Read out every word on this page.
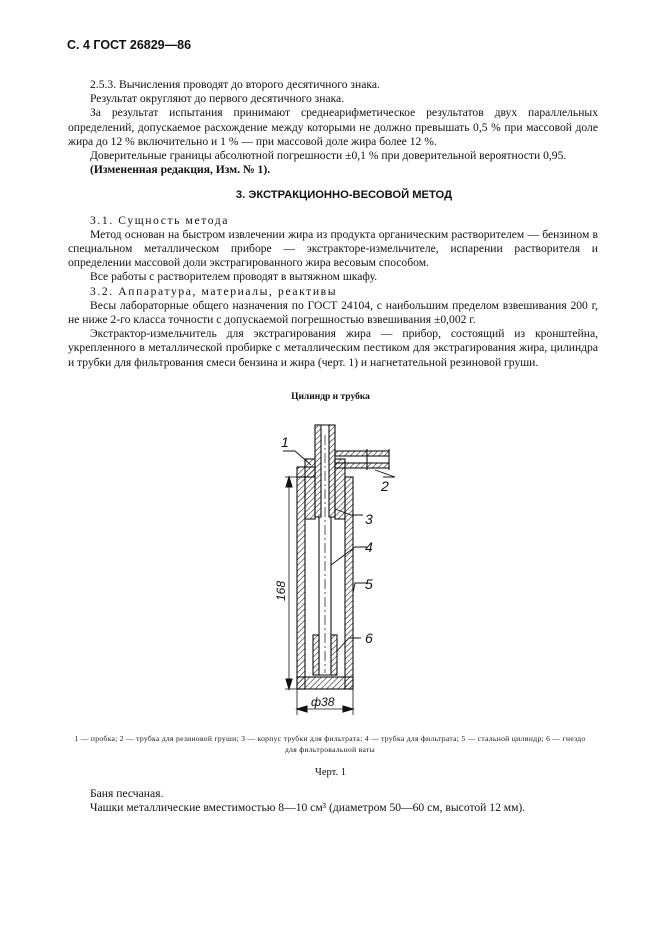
С. 4 ГОСТ 26829—86

2.5.3. Вычисления проводят до второго десятичного знака.

Результат округляют до первого десятичного знака.

За результат испытания принимают среднеарифметическое результатов двух параллельных определений, допускаемое расхождение между которыми не должно превышать 0,5 % при массовой доле жира до 12 % включительно и 1 % — при массовой доле жира более 12 %.

Доверительные границы абсолютной погрешности ±0,1 % при доверительной вероятности 0,95.

(Измененная редакция, Изм. № 1).

3. ЭКСТРАКЦИОННО-ВЕСОВОЙ МЕТОД

3.1. Сущность метода

Метод основан на быстром извлечении жира из продукта органическим растворителем — бензином в специальном металлическом приборе — экстракторе-измельчителе, испарении растворителя и определении массовой доли экстрагированного жира весовым способом.

Все работы с растворителем проводят в вытяжном шкафу.

3.2. Аппаратура, материалы, реактивы

Весы лабораторные общего назначения по ГОСТ 24104, с наибольшим пределом взвешивания 200 г, не ниже 2-го класса точности с допускаемой погрешностью взвешивания ±0,002 г.

Экстрактор-измельчитель для экстрагирования жира — прибор, состоящий из кронштейна, укрепленного в металлической пробирке с металлическим пестиком для экстрагирования жира, цилиндра и трубки для фильтрования смеси бензина и жира (черт. 1) и нагнетательной резиновой груши.

Цилиндр и трубка
1
2
3
4
5
6
168
ф38
1 — пробка; 2 — трубка для резиновой груши; 3 — корпус трубки для фильтрата; 4 — трубка для фильтрата; 5 — стальной цилиндр; 6 — гнездо для фильтровальной ваты
Черт. 1

Баня песчаная.

Чашки металлические вместимостью 8—10 см³ (диаметром 50—60 см, высотой 12 мм).
